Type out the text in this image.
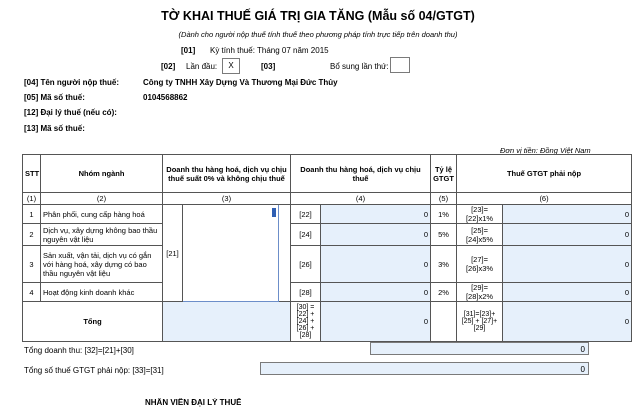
TỜ KHAI THUẾ GIÁ TRỊ GIA TĂNG (Mẫu số 04/GTGT)
(Dành cho người nộp thuế tính thuế theo phương pháp tính trực tiếp trên doanh thu)
[01] Kỳ tính thuế: Tháng 07 năm 2015
[02] Lần đầu:	X	[03]	Bổ sung lần thứ:
[04] Tên người nộp thuế:	Công ty TNHH Xây Dựng Và Thương Mại Đức Thủy
[05] Mã số thuế:	0104568862
[12] Đại lý thuế (nếu có):
[13] Mã số thuế:
Đơn vị tiền: Đồng Việt Nam
STT	Nhóm ngành	Doanh thu hàng hoá, dịch vụ chịu thuế suất 0% và không chịu thuế			Doanh thu hàng hoá, dịch vụ chịu thuế		Tỷ lệ GTGT	Thuế GTGT phải nộp	
(1)	(2)	(3)			(4)		(5)	(6)	
1	Phân phối, cung cấp hàng hoá	[21]			[22]	0	1%	[23]=[22]x1%	0
2	Dịch vụ, xây dựng không bao thầu nguyên vật liệu				[24]	0	5%	[25]=[24]x5%	0
3	Sản xuất, vận tải, dịch vụ có gắn với hàng hoá, xây dựng có bao thầu nguyên vật liệu				[26]	0	3%	[27]=[26]x3%	0
4	Hoạt động kinh doanh khác				[28]	0	2%	[29]=[28]x2%	0
Tổng					[30] = [22] + [24] + [26] + [28]	0		[31]=[23]+[25] + [27]+[29]	0
Tổng doanh thu: [32]=[21]+[30]	0
Tổng số thuế GTGT phải nộp: [33]=[31]	0
NHÂN VIÊN ĐẠI LÝ THUẾ
